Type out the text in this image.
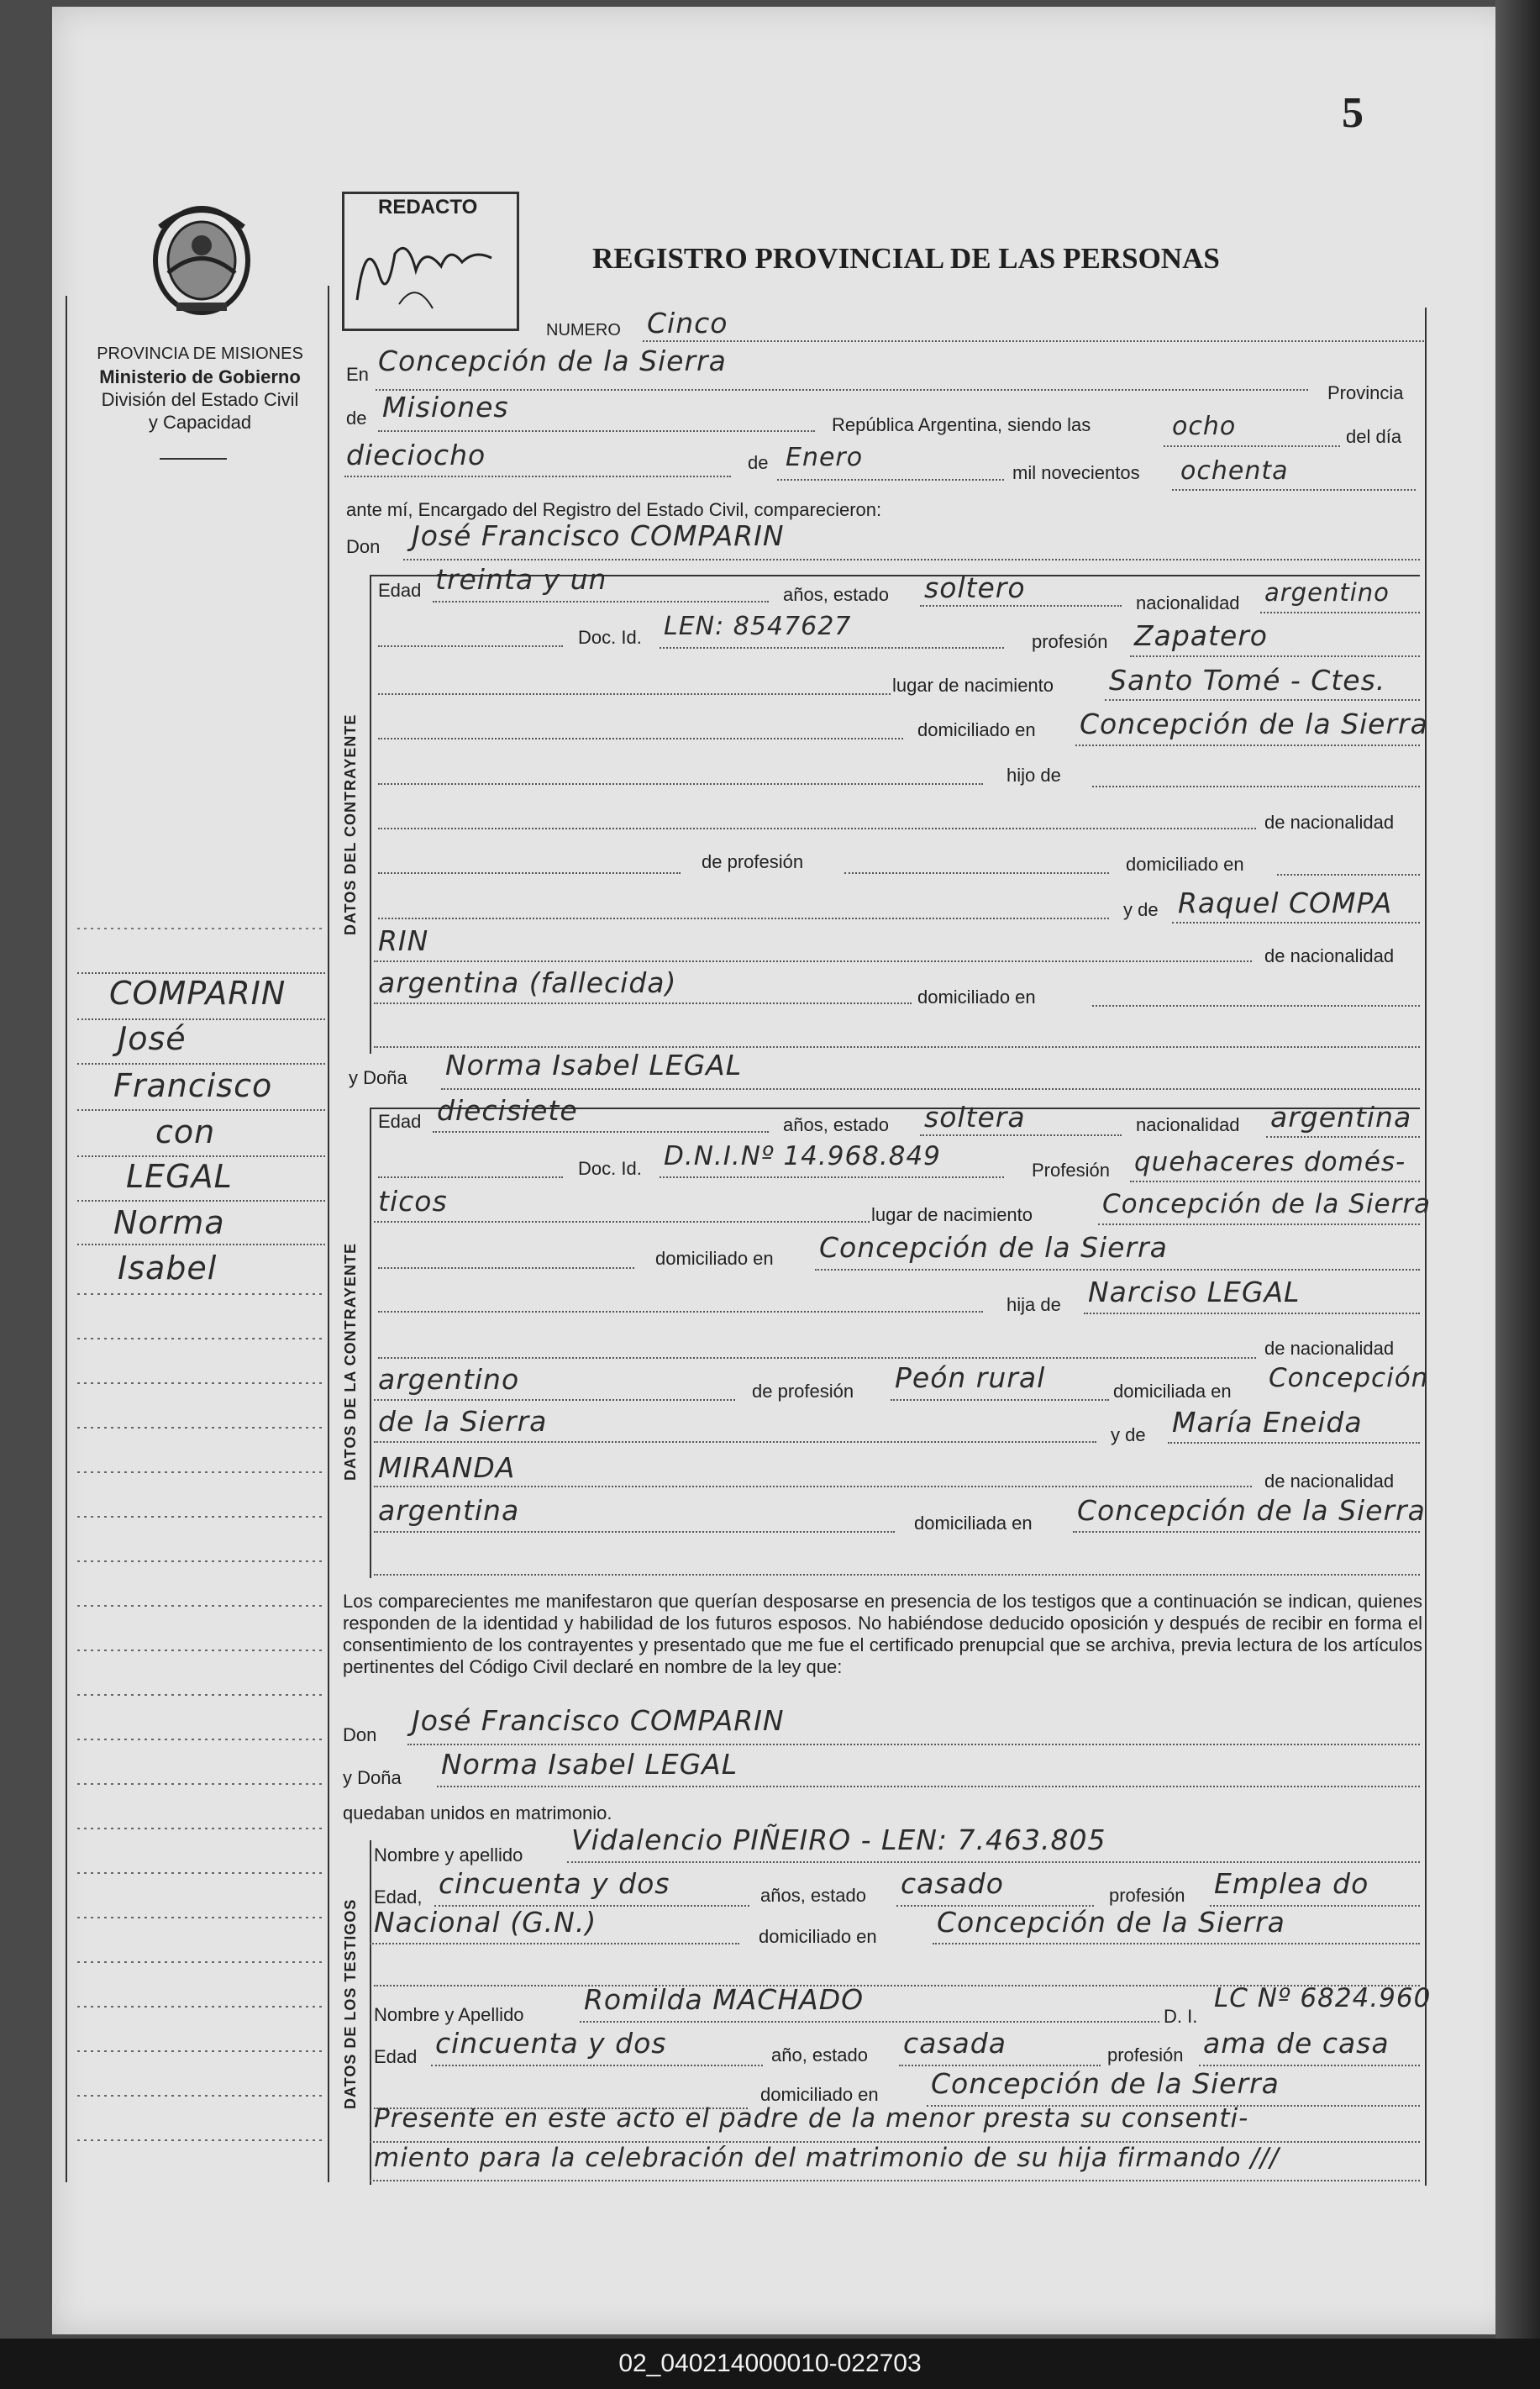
5
PROVINCIA DE MISIONES
Ministerio de Gobierno
División del Estado Civil
y Capacidad
REDACTO
REGISTRO PROVINCIAL DE LAS PERSONAS
NUMERO Cinco
En Concepción de la Sierra
Provincia
de Misiones
República Argentina, siendo las	ocho	del día
dieciocho	de Enero
mil novecientos ochenta
ante mí, Encargado del Registro del Estado Civil, comparecieron:
Don José Francisco COMPARIN
DATOS DEL CONTRAYENTE
Edad treinta y un	años, estado soltero	nacionalidad argentino
Doc. Id. LEN: 8547627
profesión Zapatero
lugar de nacimiento Santo Tomé - Ctes.
domiciliado en Concepción de la Sierra
hijo de
de nacionalidad
de profesión	domiciliado en
y de Raquel COMPA
RIN	de nacionalidad
argentina (fallecida)	domiciliado en
COMPARIN
José
Francisco
con
LEGAL
Norma
Isabel
y Doña Norma Isabel LEGAL
DATOS DE LA CONTRAYENTE
Edad diecisiete	años, estado soltera	nacionalidad argentina
Doc. Id. D.N.I.Nº 14.968.849	Profesión quehaceres domés-
ticos	lugar de nacimiento	Concepción de la Sierra
domiciliado en Concepción de la Sierra
hija de Narciso LEGAL
de nacionalidad
argentino	de profesión Peón rural	domiciliada en Concepción
de la Sierra	y de María Eneida
MIRANDA	de nacionalidad
argentina	domiciliada en Concepción de la Sierra
Los comparecientes me manifestaron que querían desposarse en presencia de los testigos que a continuación se indican, quienes responden de la identidad y habilidad de los futuros esposos. No habiéndose deducido oposición y después de recibir en forma el consentimiento de los contrayentes y presentado que me fue el certificado prenupcial que se archiva, previa lectura de los artículos pertinentes del Código Civil declaré en nombre de la ley que:
Don José Francisco COMPARIN
y Doña Norma Isabel LEGAL
quedaban unidos en matrimonio.
DATOS DE LOS TESTIGOS
Nombre y apellido Vidalencio PIÑEIRO - LEN: 7.463.805
Edad, cincuenta y dos	años, estado casado	profesión Emplea do
Nacional (G.N.)	domiciliado en Concepción de la Sierra
Nombre y Apellido Romilda MACHADO
D. I.
LC Nº 6824.960
Edad cincuenta y dos	año, estado casada	profesión ama de casa
domiciliado en Concepción de la Sierra
Presente en este acto el padre de la menor presta su consenti-
miento para la celebración del matrimonio de su hija firmando ///
02_040214000010-022703
